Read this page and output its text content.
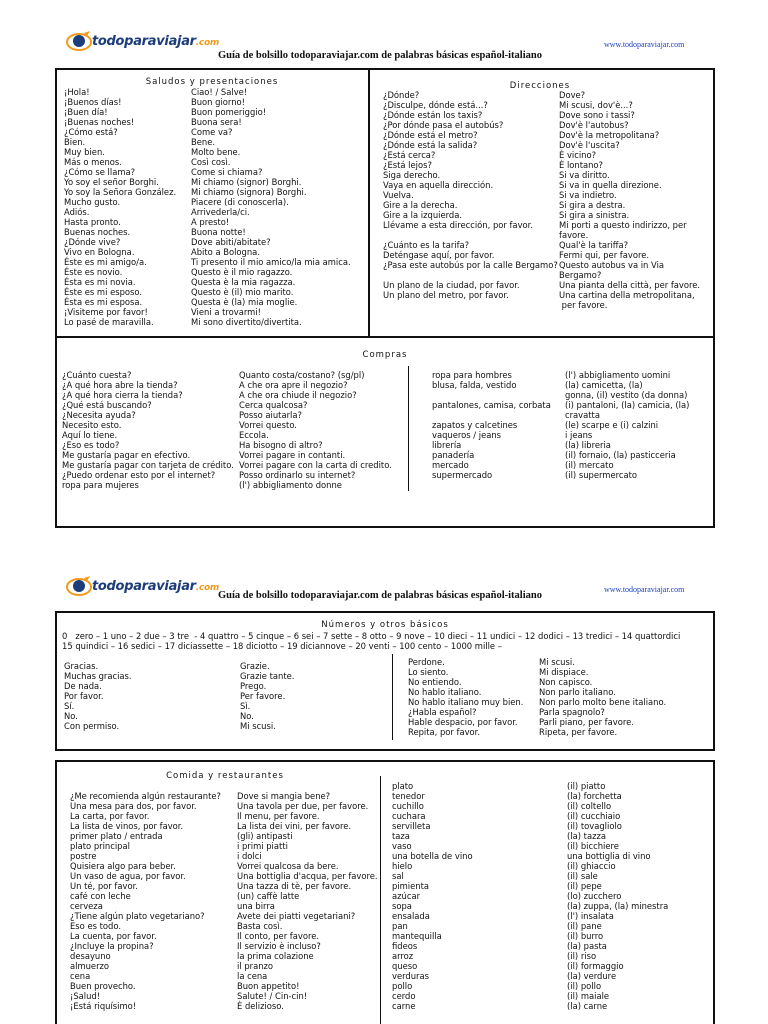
todoparaviajar.com	www.todoparaviajar.com
Guía de bolsillo todoparaviajar.com de palabras básicas español-italiano
Saludos y presentaciones
¡Hola!
¡Buenos días!
¡Buen día!
¡Buenas noches!
¿Cómo está?
Bien.
Muy bien.
Más o menos.
¿Cómo se llama?
Yo soy el señor Borghi.
Yo soy la Señora González.
Mucho gusto.
Adiós.
Hasta pronto.
Buenas noches.
¿Dónde vive?
Vivo en Bologna.
Éste es mi amigo/a.
Éste es novio.
Ésta es mi novia.
Éste es mi esposo.
Ésta es mi esposa.
¡Visiteme por favor!
Lo pasé de maravilla.
Ciao! / Salve!
Buon giorno!
Buon pomeriggio!
Buona sera!
Come va?
Bene.
Molto bene.
Così così.
Come si chiama?
Mi chiamo (signor) Borghi.
Mi chiamo (signora) Borghi.
Piacere (di conoscerla).
Arrivederla/ci.
A presto!
Buona notte!
Dove abiti/abitate?
Abito a Bologna.
Ti presento il mio amico/la mia amica.
Questo è il mio ragazzo.
Questa è la mia ragazza.
Questo è (il) mio marito.
Questa è (la) mia moglie.
Vieni a trovarmi!
Mi sono divertito/divertita.
Direcciones
¿Dónde?
¿Disculpe, dónde está...?
¿Dónde están los taxis?
¿Por dónde pasa el autobús?
¿Dónde está el metro?
¿Dónde está la salida?
¿Está cerca?
¿Está lejos?
Siga derecho.
Vaya en aquella dirección.
Vuelva.
Gire a la derecha.
Gire a la izquierda.
Llévame a esta dirección, por favor.
¿Cuánto es la tarifa?
Deténgase aquí, por favor.
¿Pasa este autobús por la calle Bergamo?
Un plano de la ciudad, por favor.
Un plano del metro, por favor.
Dove?
Mi scusi, dov'è...?
Dove sono i tassi?
Dov'è l'autobus?
Dov'è la metropolitana?
Dov'è l'uscita?
È vicino?
È lontano?
Si va diritto.
Si va in quella direzione.
Si va indietro.
Si gira a destra.
Si gira a sinistra.
Mi porti a questo indirizzo, per
favore.
Qual'è la tariffa?
Fermi qui, per favore.
Questo autobus va in Via
Bergamo?
Una pianta della città, per favore.
Una cartina della metropolitana,
per favore.
Compras
¿Cuánto cuesta?
¿A qué hora abre la tienda?
¿A qué hora cierra la tienda?
¿Qué está buscando?
¿Necesita ayuda?
Necesito esto.
Aquí lo tiene.
¿Eso es todo?
Me gustaría pagar en efectivo.
Me gustaría pagar con tarjeta de crédito.
¿Puedo ordenar esto por el internet?
ropa para mujeres
Quanto costa/costano? (sg/pl)
A che ora apre il negozio?
A che ora chiude il negozio?
Cerca qualcosa?
Posso aiutarla?
Vorrei questo.
Eccola.
Ha bisogno di altro?
Vorrei pagare in contanti.
Vorrei pagare con la carta di credito.
Posso ordinarlo su internet?
(l') abbigliamento donne
ropa para hombres
blusa, falda, vestido
pantalones, camisa, corbata
zapatos y calcetines
vaqueros / jeans
librería
panadería
mercado
supermercado
(l') abbigliamento uomini
(la) camicetta, (la)
gonna, (il) vestito (da donna)
(i) pantaloni, (la) camicia, (la)
cravatta
(le) scarpe e (i) calzini
i jeans
(la) libreria
(il) fornaio, (la) pasticceria
(il) mercato
(il) supermercato
todoparaviajar.com	www.todoparaviajar.com
Guía de bolsillo todoparaviajar.com de palabras básicas español-italiano
Números y otros básicos
0   zero – 1 uno – 2 due – 3 tre  - 4 quattro – 5 cinque – 6 sei – 7 sette – 8 otto – 9 nove – 10 dieci – 11 undici – 12 dodici – 13 tredici – 14 quattordici
15 quindici – 16 sedici – 17 diciassette – 18 diciotto – 19 diciannove – 20 venti – 100 cento – 1000 mille –
Gracias.
Muchas gracias.
De nada.
Por favor.
Sí.
No.
Con permiso.
Grazie.
Grazie tante.
Prego.
Per favore.
Sì.
No.
Mi scusi.
Perdone.
Lo siento.
No entiendo.
No hablo italiano.
No hablo italiano muy bien.
¿Habla español?
Hable despacio, por favor.
Repita, por favor.
Mi scusi.
Mi dispiace.
Non capisco.
Non parlo italiano.
Non parlo molto bene italiano.
Parla spagnolo?
Parli piano, per favore.
Ripeta, per favore.
Comida y restaurantes
¿Me recomienda algún restaurante?
Una mesa para dos, por favor.
La carta, por favor.
La lista de vinos, por favor.
primer plato / entrada
plato principal
postre
Quisiera algo para beber.
Un vaso de agua, por favor.
Un té, por favor.
café con leche
cerveza
¿Tiene algún plato vegetariano?
Eso es todo.
La cuenta, por favor.
¿Incluye la propina?
desayuno
almuerzo
cena
Buen provecho.
¡Salud!
¡Está riquísimo!
Dove si mangia bene?
Una tavola per due, per favore.
Il menu, per favore.
La lista dei vini, per favore.
(gli) antipasti
i primi piatti
i dolci
Vorrei qualcosa da bere.
Una bottiglia d'acqua, per favore.
Una tazza di tè, per favore.
(un) caffè latte
una birra
Avete dei piatti vegetariani?
Basta così.
Il conto, per favore.
Il servizio è incluso?
la prima colazione
il pranzo
la cena
Buon appetito!
Salute! / Cin-cin!
È delizioso.
plato
tenedor
cuchillo
cuchara
servilleta
taza
vaso
una botella de vino
hielo
sal
pimienta
azúcar
sopa
ensalada
pan
mantequilla
fideos
arroz
queso
verduras
pollo
cerdo
carne
(il) piatto
(la) forchetta
(il) coltello
(il) cucchiaio
(il) tovagliolo
(la) tazza
(il) bicchiere
una bottiglia di vino
(il) ghiaccio
(il) sale
(il) pepe
(lo) zucchero
(la) zuppa, (la) minestra
(l') insalata
(il) pane
(il) burro
(la) pasta
(il) riso
(il) formaggio
(la) verdure
(il) pollo
(il) maiale
(la) carne
